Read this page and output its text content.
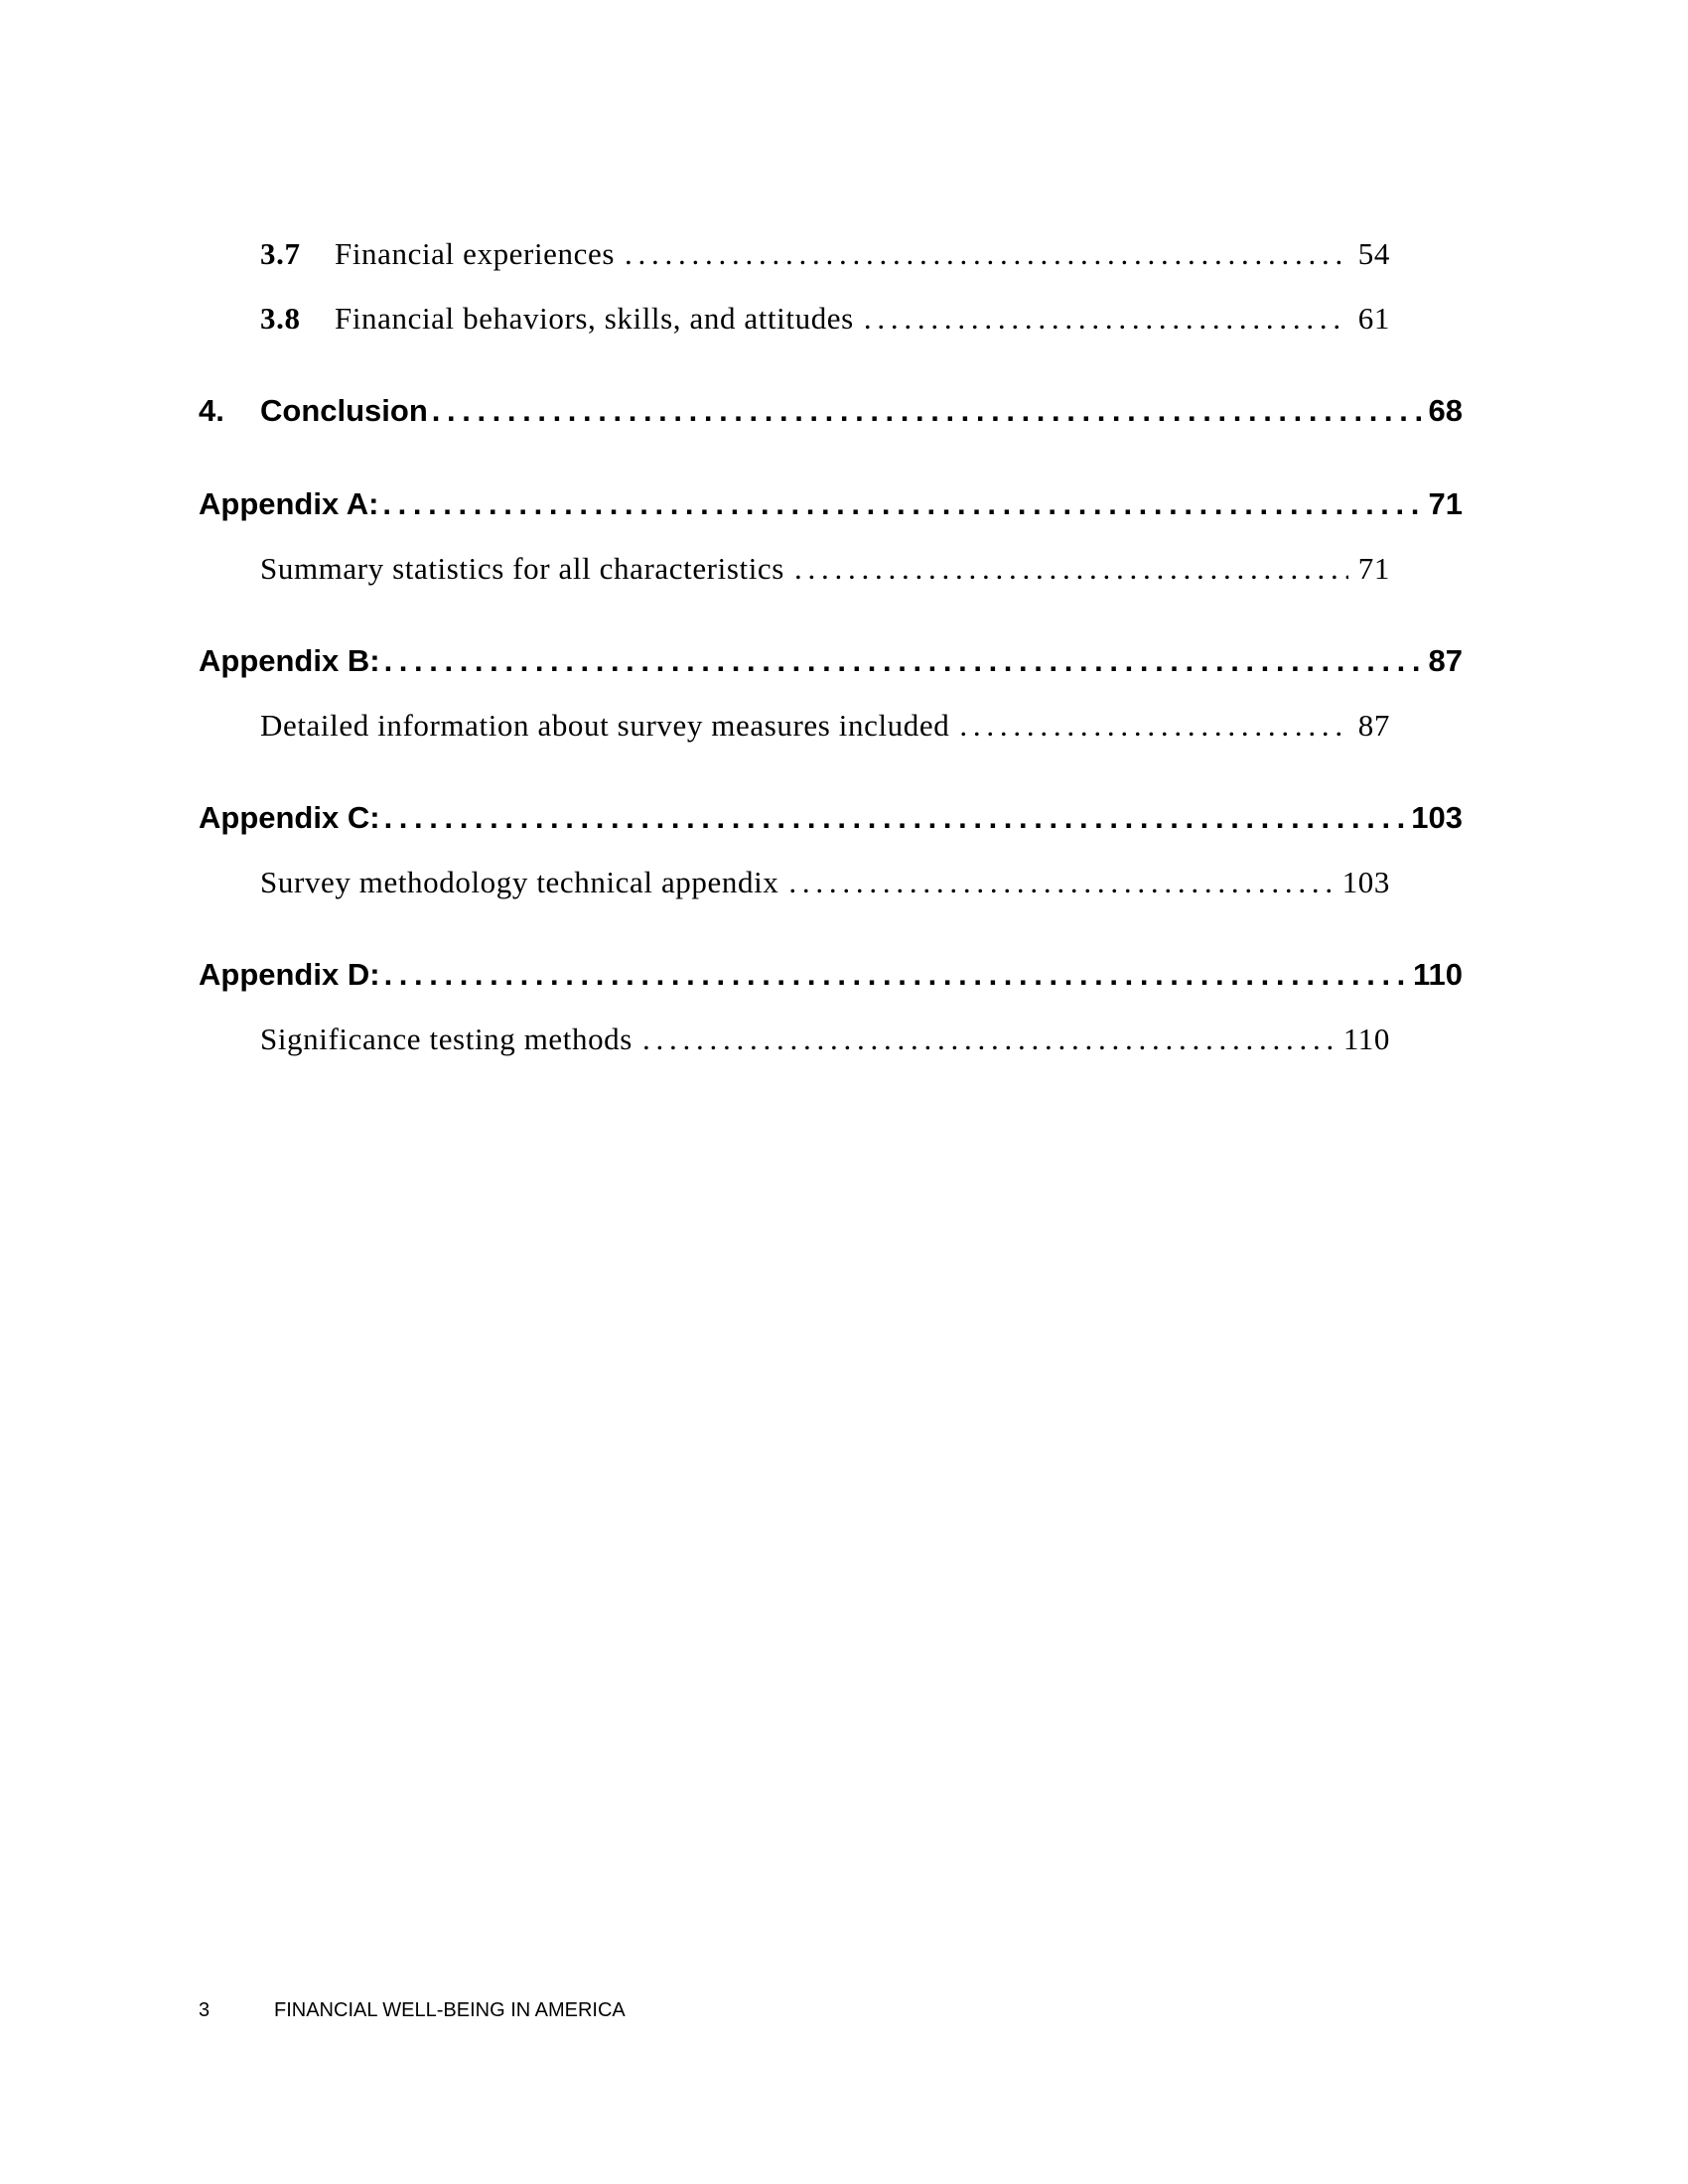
3.7	Financial experiences . . .	54
3.8	Financial behaviors, skills, and attitudes . . .	61
4.	Conclusion . . .	68
Appendix A: . . .	71
Summary statistics for all characteristics . . .	71
Appendix B: . . .	87
Detailed information about survey measures included . . .	87
Appendix C: . . .	103
Survey methodology technical appendix . . .	103
Appendix D: . . .	110
Significance testing methods . . .	110
3	FINANCIAL WELL-BEING IN AMERICA
